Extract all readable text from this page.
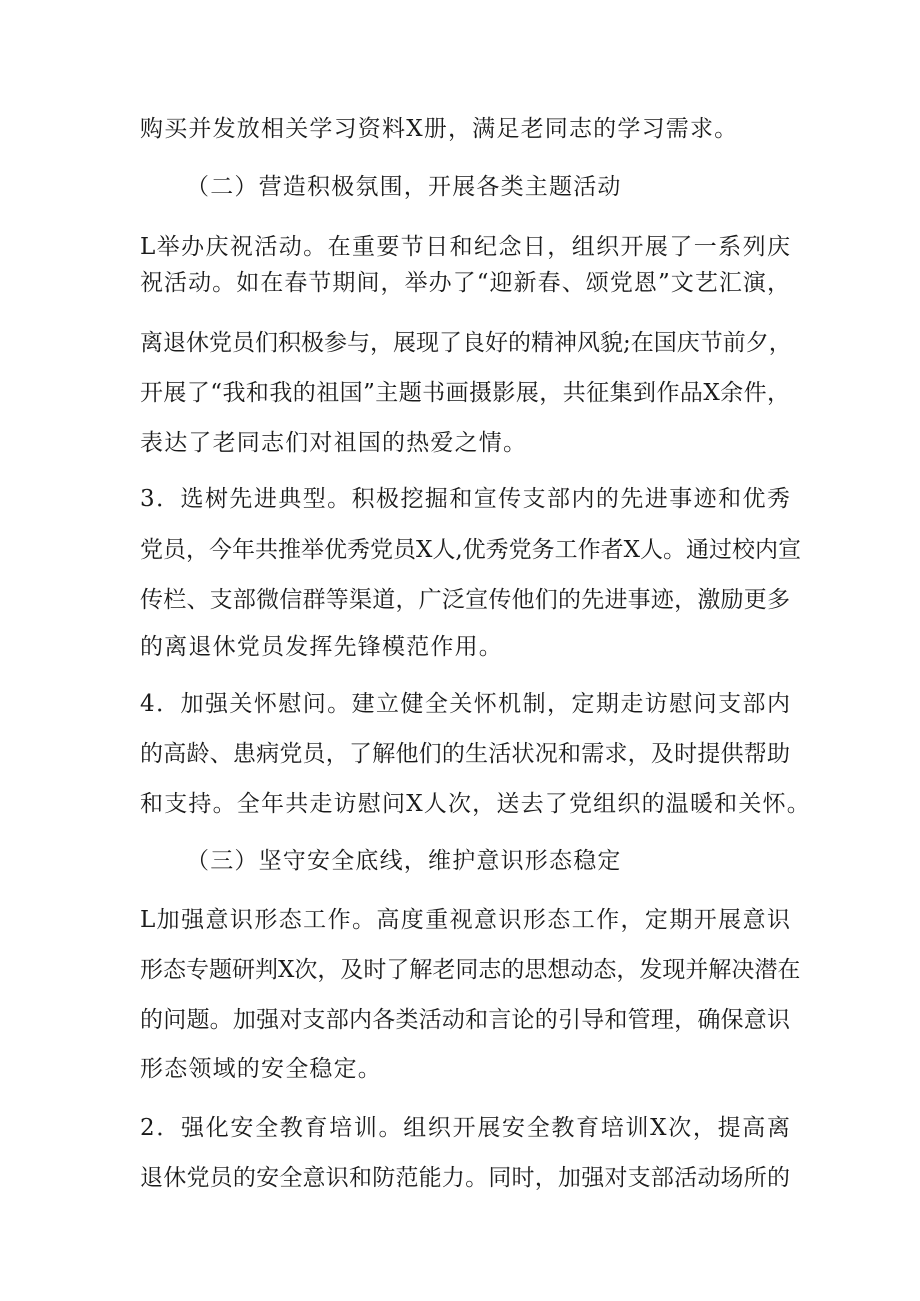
购买并发放相关学习资料X册，满足老同志的学习需求。
（二）营造积极氛围，开展各类主题活动
L举办庆祝活动。在重要节日和纪念日，组织开展了一系列庆
祝活动。如在春节期间，举办了“迎新春、颂党恩”文艺汇演，
离退休党员们积极参与，展现了良好的精神风貌;在国庆节前夕，
开展了“我和我的祖国”主题书画摄影展，共征集到作品X余件，
表达了老同志们对祖国的热爱之情。
3．选树先进典型。积极挖掘和宣传支部内的先进事迹和优秀
党员，今年共推举优秀党员X人,优秀党务工作者X人。通过校内宣
传栏、支部微信群等渠道，广泛宣传他们的先进事迹，激励更多
的离退休党员发挥先锋模范作用。
4．加强关怀慰问。建立健全关怀机制，定期走访慰问支部内
的高龄、患病党员，了解他们的生活状况和需求，及时提供帮助
和支持。全年共走访慰问X人次，送去了党组织的温暖和关怀。
（三）坚守安全底线，维护意识形态稳定
L加强意识形态工作。高度重视意识形态工作，定期开展意识
形态专题研判X次，及时了解老同志的思想动态，发现并解决潜在
的问题。加强对支部内各类活动和言论的引导和管理，确保意识
形态领域的安全稳定。
2．强化安全教育培训。组织开展安全教育培训X次，提高离
退休党员的安全意识和防范能力。同时，加强对支部活动场所的
